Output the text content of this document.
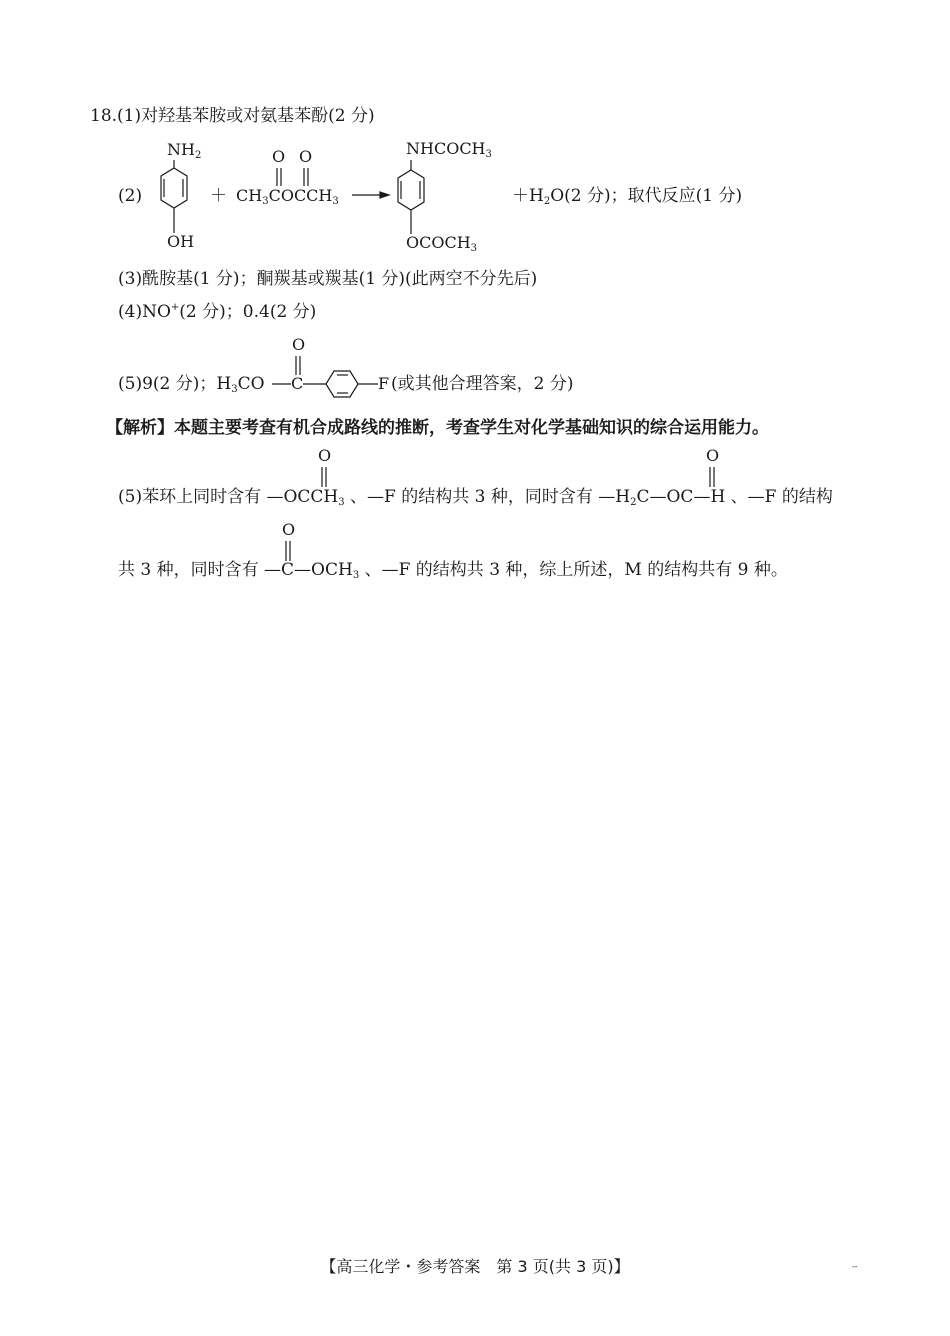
18.(1)对羟基苯胺或对氨基苯酚(2 分)
(2)
$NH_2$
OH
＋
O O
$CH_3COCCH_3$
$NHCOCH_3$
$OCOCH_3$
$+H_2O(2$ 分)；取代反应(1 分)
(3)酰胺基(1 分)；酮羰基或羰基(1 分)(此两空不分先后)
(4)NO+(2 分)；0.4(2 分)
(5)9(2 分)；$H_3CO$
O
C	F (或其他合理答案，2 分)
【解析】本题主要考查有机合成路线的推断，考查学生对化学基础知识的综合运用能力。
(5)苯环上同时含有 $—OCCH_3$ 、—F 的结构共 3 种，同时含有 $—H_2C—OC—H$ 、—F 的结构
O	O
共 3 种，同时含有 $—C—OCH_3$ 、—F 的结构共 3 种，综上所述，M 的结构共有 9 种。
O
【高三化学・参考答案　第 3 页(共 3 页)】	--
